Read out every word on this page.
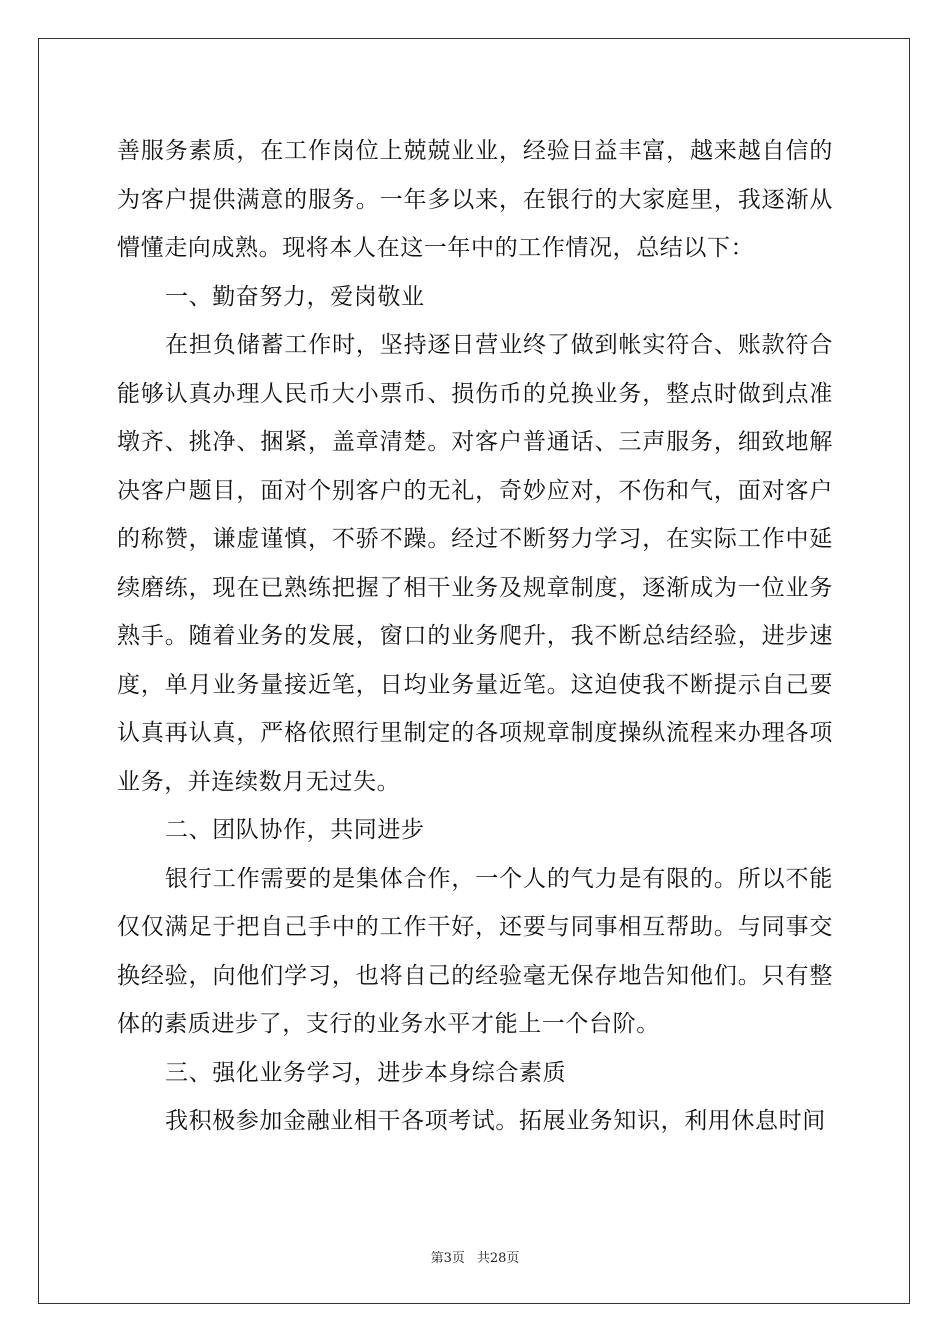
善服务素质，在工作岗位上兢兢业业，经验日益丰富，越来越自信的为客户提供满意的服务。一年多以来，在银行的大家庭里，我逐渐从懵懂走向成熟。现将本人在这一年中的工作情况，总结以下：

一、勤奋努力，爱岗敬业

在担负储蓄工作时，坚持逐日营业终了做到帐实符合、账款符合能够认真办理人民币大小票币、损伤币的兑换业务，整点时做到点准墩齐、挑净、捆紧，盖章清楚。对客户普通话、三声服务，细致地解决客户题目，面对个别客户的无礼，奇妙应对，不伤和气，面对客户的称赞，谦虚谨慎，不骄不躁。经过不断努力学习，在实际工作中延续磨练，现在已熟练把握了相干业务及规章制度，逐渐成为一位业务熟手。随着业务的发展，窗口的业务爬升，我不断总结经验，进步速度，单月业务量接近笔，日均业务量近笔。这迫使我不断提示自己要认真再认真，严格依照行里制定的各项规章制度操纵流程来办理各项业务，并连续数月无过失。

二、团队协作，共同进步

银行工作需要的是集体合作，一个人的气力是有限的。所以不能仅仅满足于把自己手中的工作干好，还要与同事相互帮助。与同事交换经验，向他们学习，也将自己的经验毫无保存地告知他们。只有整体的素质进步了，支行的业务水平才能上一个台阶。

三、强化业务学习，进步本身综合素质

我积极参加金融业相干各项考试。拓展业务知识，利用休息时间

第3页 共28页
